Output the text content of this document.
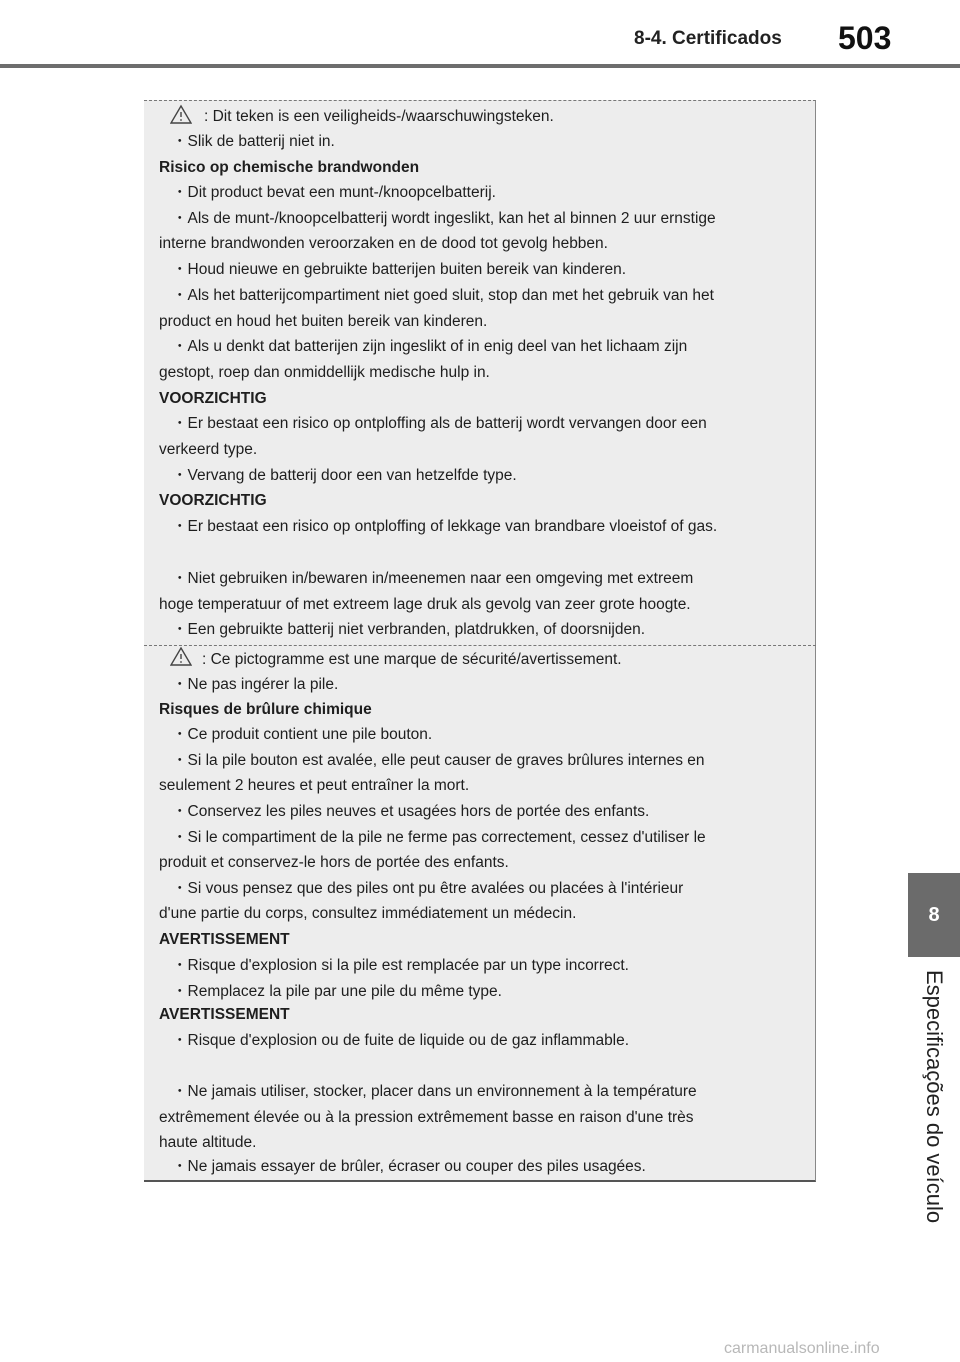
8-4. Certificados 503
8
Especificações do veículo
: Dit teken is een veiligheids-/waarschuwingsteken.
・Slik de batterij niet in.
Risico op chemische brandwonden
・Dit product bevat een munt-/knoopcelbatterij.
・Als de munt-/knoopcelbatterij wordt ingeslikt, kan het al binnen 2 uur ernstige
interne brandwonden veroorzaken en de dood tot gevolg hebben.
・Houd nieuwe en gebruikte batterijen buiten bereik van kinderen.
・Als het batterijcompartiment niet goed sluit, stop dan met het gebruik van het
product en houd het buiten bereik van kinderen.
・Als u denkt dat batterijen zijn ingeslikt of in enig deel van het lichaam zijn
gestopt, roep dan onmiddellijk medische hulp in.
VOORZICHTIG
・Er bestaat een risico op ontploffing als de batterij wordt vervangen door een
verkeerd type.
・Vervang de batterij door een van hetzelfde type.
VOORZICHTIG
・Er bestaat een risico op ontploffing of lekkage van brandbare vloeistof of gas.
・Niet gebruiken in/bewaren in/meenemen naar een omgeving met extreem
hoge temperatuur of met extreem lage druk als gevolg van zeer grote hoogte.
・Een gebruikte batterij niet verbranden, platdrukken, of doorsnijden.
: Ce pictogramme est une marque de sécurité/avertissement.
・Ne pas ingérer la pile.
Risques de brûlure chimique
・Ce produit contient une pile bouton.
・Si la pile bouton est avalée, elle peut causer de graves brûlures internes en
seulement 2 heures et peut entraîner la mort.
・Conservez les piles neuves et usagées hors de portée des enfants.
・Si le compartiment de la pile ne ferme pas correctement, cessez d'utiliser le
produit et conservez-le hors de portée des enfants.
・Si vous pensez que des piles ont pu être avalées ou placées à l'intérieur
d'une partie du corps, consultez immédiatement un médecin.
AVERTISSEMENT
・Risque d'explosion si la pile est remplacée par un type incorrect.
・Remplacez la pile par une pile du même type.
AVERTISSEMENT
・Risque d'explosion ou de fuite de liquide ou de gaz inflammable.
・Ne jamais utiliser, stocker, placer dans un environnement à la température
extrêmement élevée ou à la pression extrêmement basse en raison d'une très
haute altitude.
・Ne jamais essayer de brûler, écraser ou couper des piles usagées.
carmanualsonline.info
